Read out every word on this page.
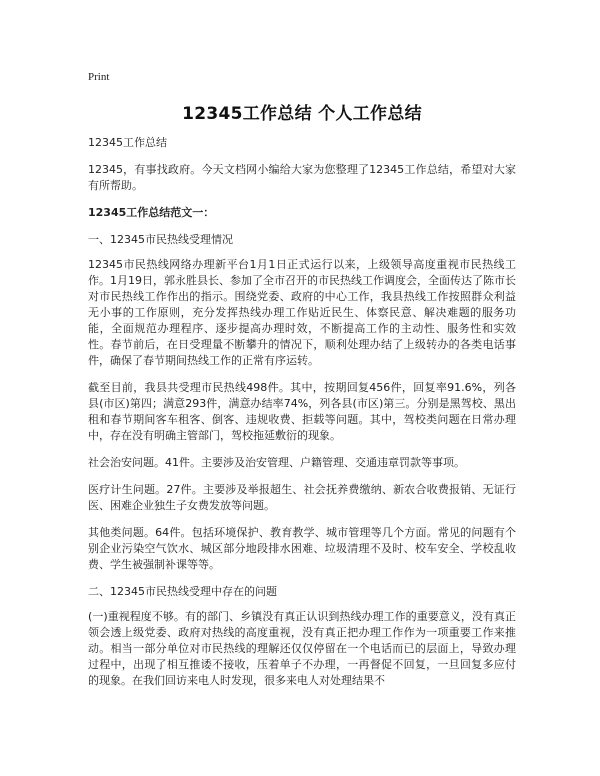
Print
12345工作总结 个人工作总结

12345工作总结

12345，有事找政府。今天文档网小编给大家为您整理了12345工作总结，希望对大家有所帮助。

12345工作总结范文一：

一、12345市民热线受理情况

12345市民热线网络办理新平台1月1日正式运行以来，上级领导高度重视市民热线工作。1月19日，郭永胜县长、参加了全市召开的市民热线工作调度会，全面传达了陈市长对市民热线工作作出的指示。围绕党委、政府的中心工作，我县热线工作按照群众利益无小事的工作原则，充分发挥热线办理工作贴近民生、体察民意、解决难题的服务功能，全面规范办理程序、逐步提高办理时效，不断提高工作的主动性、服务性和实效性。春节前后，在日受理量不断攀升的情况下，顺利处理办结了上级转办的各类电话事件，确保了春节期间热线工作的正常有序运转。

截至目前，我县共受理市民热线498件。其中，按期回复456件，回复率91.6%，列各县(市区)第四；满意293件，满意办结率74%，列各县(市区)第三。分别是黑驾校、黑出租和春节期间客车租客、倒客、违规收费、拒载等问题。其中，驾校类问题在日常办理中，存在没有明确主管部门，驾校拖延敷衍的现象。

社会治安问题。41件。主要涉及治安管理、户籍管理、交通违章罚款等事项。

医疗计生问题。27件。主要涉及举报超生、社会抚养费缴纳、新农合收费报销、无证行医、困难企业独生子女费发放等问题。

其他类问题。64件。包括环境保护、教育教学、城市管理等几个方面。常见的问题有个别企业污染空气饮水、城区部分地段排水困难、垃圾清理不及时、校车安全、学校乱收费、学生被强制补课等等。

二、12345市民热线受理中存在的问题

(一)重视程度不够。有的部门、乡镇没有真正认识到热线办理工作的重要意义，没有真正领会透上级党委、政府对热线的高度重视，没有真正把办理工作作为一项重要工作来推动。相当一部分单位对市民热线的理解还仅仅停留在一个电话而已的层面上，导致办理过程中，出现了相互推诿不接收，压着单子不办理，一再督促不回复，一旦回复多应付的现象。在我们回访来电人时发现，很多来电人对处理结果不
